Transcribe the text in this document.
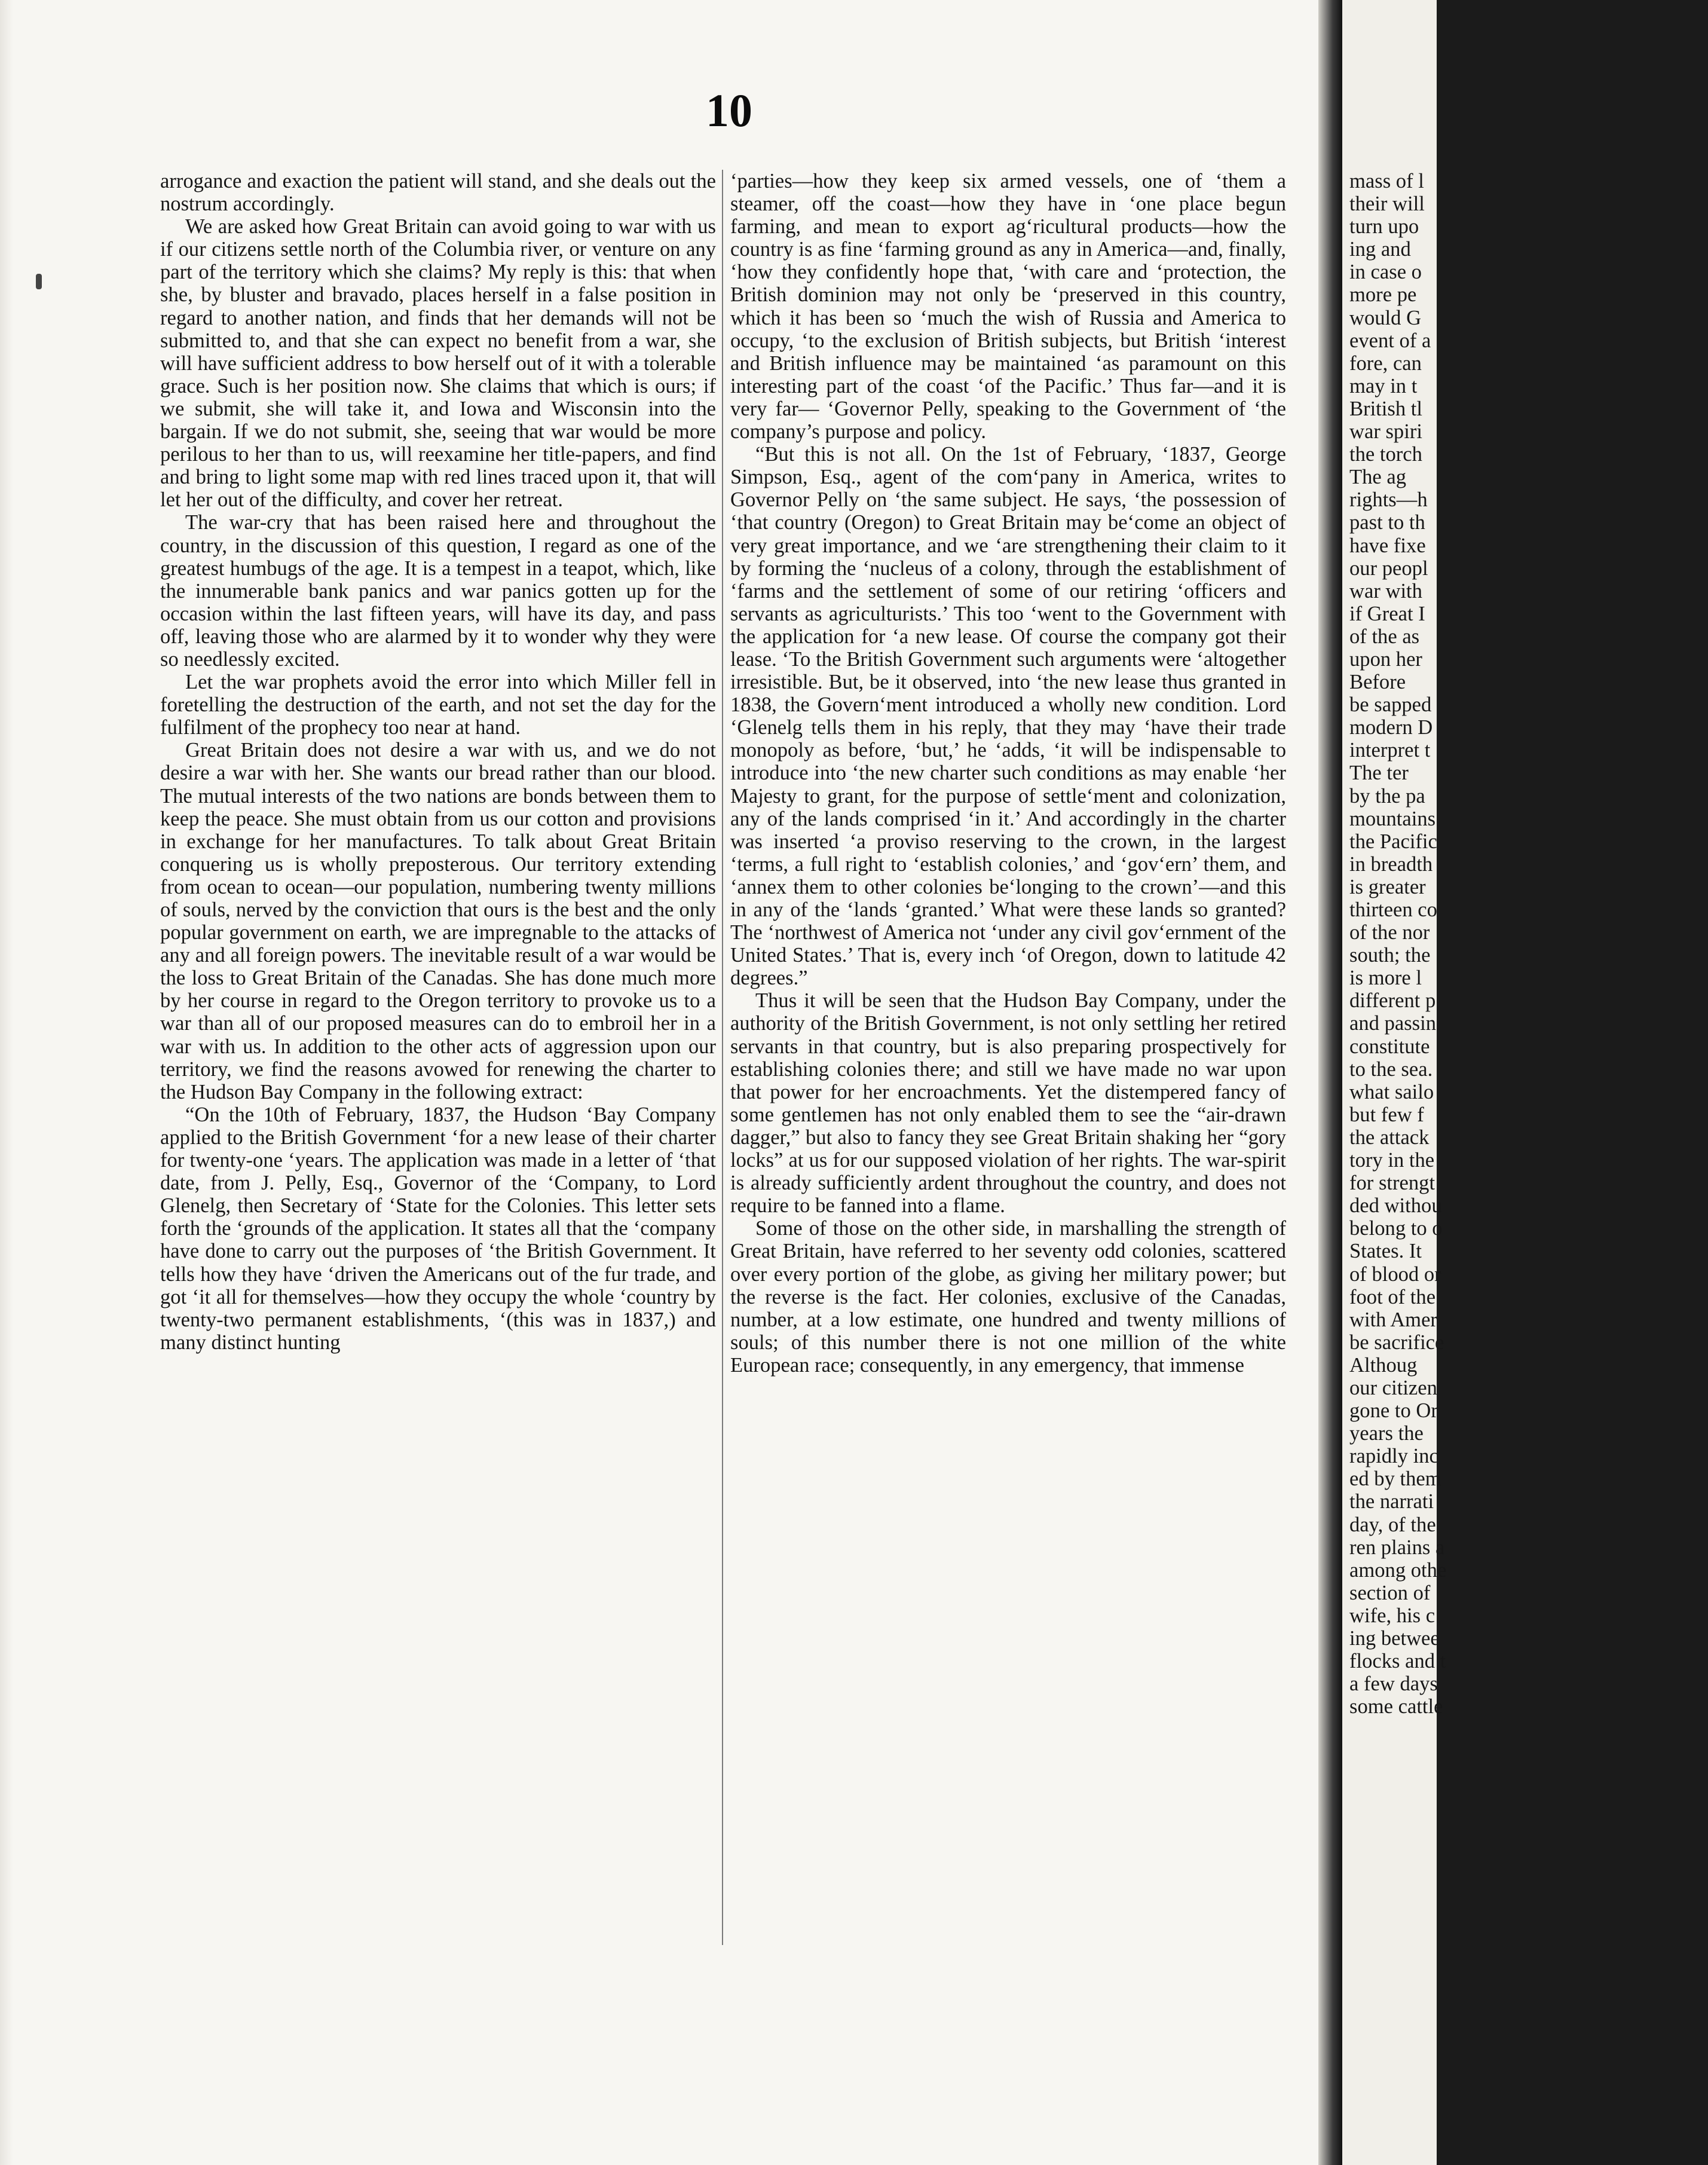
10

arrogance and exaction the patient will stand, and she deals out the nostrum accordingly.

We are asked how Great Britain can avoid going to war with us if our citizens settle north of the Columbia river, or venture on any part of the territory which she claims? My reply is this: that when she, by bluster and bravado, places herself in a false position in regard to another nation, and finds that her demands will not be submitted to, and that she can expect no benefit from a war, she will have sufficient address to bow herself out of it with a tolerable grace. Such is her position now. She claims that which is ours; if we submit, she will take it, and Iowa and Wisconsin into the bargain. If we do not submit, she, seeing that war would be more perilous to her than to us, will reexamine her title-papers, and find and bring to light some map with red lines traced upon it, that will let her out of the difficulty, and cover her retreat.

The war-cry that has been raised here and throughout the country, in the discussion of this question, I regard as one of the greatest humbugs of the age. It is a tempest in a teapot, which, like the innumerable bank panics and war panics gotten up for the occasion within the last fifteen years, will have its day, and pass off, leaving those who are alarmed by it to wonder why they were so needlessly excited.

Let the war prophets avoid the error into which Miller fell in foretelling the destruction of the earth, and not set the day for the fulfilment of the prophecy too near at hand.

Great Britain does not desire a war with us, and we do not desire a war with her. She wants our bread rather than our blood. The mutual interests of the two nations are bonds between them to keep the peace. She must obtain from us our cotton and provisions in exchange for her manufactures. To talk about Great Britain conquering us is wholly preposterous. Our territory extending from ocean to ocean—our population, numbering twenty millions of souls, nerved by the conviction that ours is the best and the only popular government on earth, we are impregnable to the attacks of any and all foreign powers. The inevitable result of a war would be the loss to Great Britain of the Canadas. She has done much more by her course in regard to the Oregon territory to provoke us to a war than all of our proposed measures can do to embroil her in a war with us. In addition to the other acts of aggression upon our territory, we find the reasons avowed for renewing the charter to the Hudson Bay Company in the following extract:

“On the 10th of February, 1837, the Hudson ‘Bay Company applied to the British Government ‘for a new lease of their charter for twenty-one ‘years. The application was made in a letter of ‘that date, from J. Pelly, Esq., Governor of the ‘Company, to Lord Glenelg, then Secretary of ‘State for the Colonies. This letter sets forth the ‘grounds of the application. It states all that the ‘company have done to carry out the purposes of ‘the British Government. It tells how they have ‘driven the Americans out of the fur trade, and got ‘it all for themselves—how they occupy the whole ‘country by twenty-two permanent establishments, ‘(this was in 1837,) and many distinct hunting

‘parties—how they keep six armed vessels, one of ‘them a steamer, off the coast—how they have in ‘one place begun farming, and mean to export ag‘ricultural products—how the country is as fine ‘farming ground as any in America—and, finally, ‘how they confidently hope that, ‘with care and ‘protection, the British dominion may not only be ‘preserved in this country, which it has been so ‘much the wish of Russia and America to occupy, ‘to the exclusion of British subjects, but British ‘interest and British influence may be maintained ‘as paramount on this interesting part of the coast ‘of the Pacific.’ Thus far—and it is very far— ‘Governor Pelly, speaking to the Government of ‘the company’s purpose and policy.

“But this is not all. On the 1st of February, ‘1837, George Simpson, Esq., agent of the com‘pany in America, writes to Governor Pelly on ‘the same subject. He says, ‘the possession of ‘that country (Oregon) to Great Britain may be‘come an object of very great importance, and we ‘are strengthening their claim to it by forming the ‘nucleus of a colony, through the establishment of ‘farms and the settlement of some of our retiring ‘officers and servants as agriculturists.’ This too ‘went to the Government with the application for ‘a new lease. Of course the company got their lease. ‘To the British Government such arguments were ‘altogether irresistible. But, be it observed, into ‘the new lease thus granted in 1838, the Govern‘ment introduced a wholly new condition. Lord ‘Glenelg tells them in his reply, that they may ‘have their trade monopoly as before, ‘but,’ he ‘adds, ‘it will be indispensable to introduce into ‘the new charter such conditions as may enable ‘her Majesty to grant, for the purpose of settle‘ment and colonization, any of the lands comprised ‘in it.’ And accordingly in the charter was inserted ‘a proviso reserving to the crown, in the largest ‘terms, a full right to ‘establish colonies,’ and ‘gov‘ern’ them, and ‘annex them to other colonies be‘longing to the crown’—and this in any of the ‘lands ‘granted.’ What were these lands so granted? The ‘northwest of America not ‘under any civil gov‘ernment of the United States.’ That is, every inch ‘of Oregon, down to latitude 42 degrees.”

Thus it will be seen that the Hudson Bay Company, under the authority of the British Government, is not only settling her retired servants in that country, but is also preparing prospectively for establishing colonies there; and still we have made no war upon that power for her encroachments. Yet the distempered fancy of some gentlemen has not only enabled them to see the “air-drawn dagger,” but also to fancy they see Great Britain shaking her “gory locks” at us for our supposed violation of her rights. The war-spirit is already sufficiently ardent throughout the country, and does not require to be fanned into a flame.

Some of those on the other side, in marshalling the strength of Great Britain, have referred to her seventy odd colonies, scattered over every portion of the globe, as giving her military power; but the reverse is the fact. Her colonies, exclusive of the Canadas, number, at a low estimate, one hundred and twenty millions of souls; of this number there is not one million of the white European race; consequently, in any emergency, that immense

mass of l
their will
turn upo
ing and
in case o
more pe
would G
event of a
fore, can
may in t
British tl
war spiri
the torch
The ag
rights—h
past to th
have fixe
our peopl
war with
if Great I
of the as
upon her
Before
be sapped
modern D
interpret t
The ter
by the pa
mountains
the Pacific
in breadth
is greater
thirteen co
of the nor
south; the
is more l
different p
and passin
constitute
to the sea.
what sailo
but few f
the attack
tory in the
for strengt
ded withou
belong to o
States. It
of blood or
foot of the
with Amer
be sacrifice
Althoug
our citizen
gone to Or
years the
rapidly inc
ed by them
the narrati
day, of the
ren plains a
among othe
section of
wife, his c
ing betwee
flocks and t
a few days
some cattle
